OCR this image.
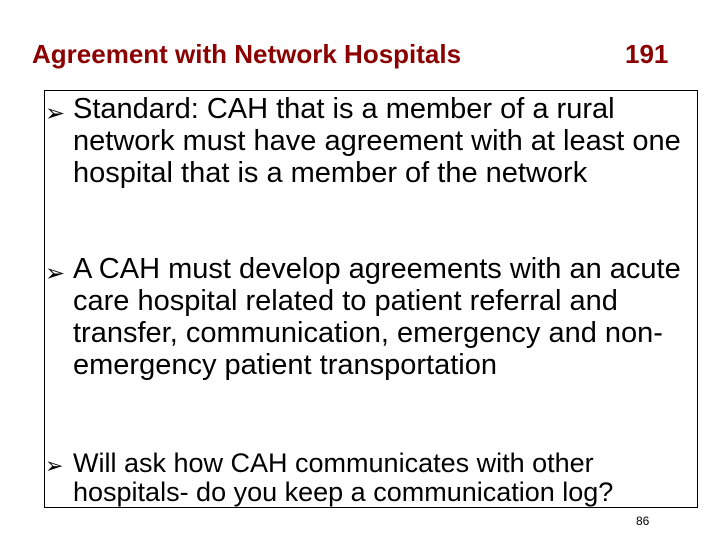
Agreement with Network Hospitals	191
➢ Standard: CAH that is a member of a rural network must have agreement with at least one hospital that is a member of the network
➢ A CAH must develop agreements with an acute care hospital related to patient referral and transfer, communication, emergency and non-emergency patient transportation
➢ Will ask how CAH communicates with other hospitals- do you keep a communication log?
86
